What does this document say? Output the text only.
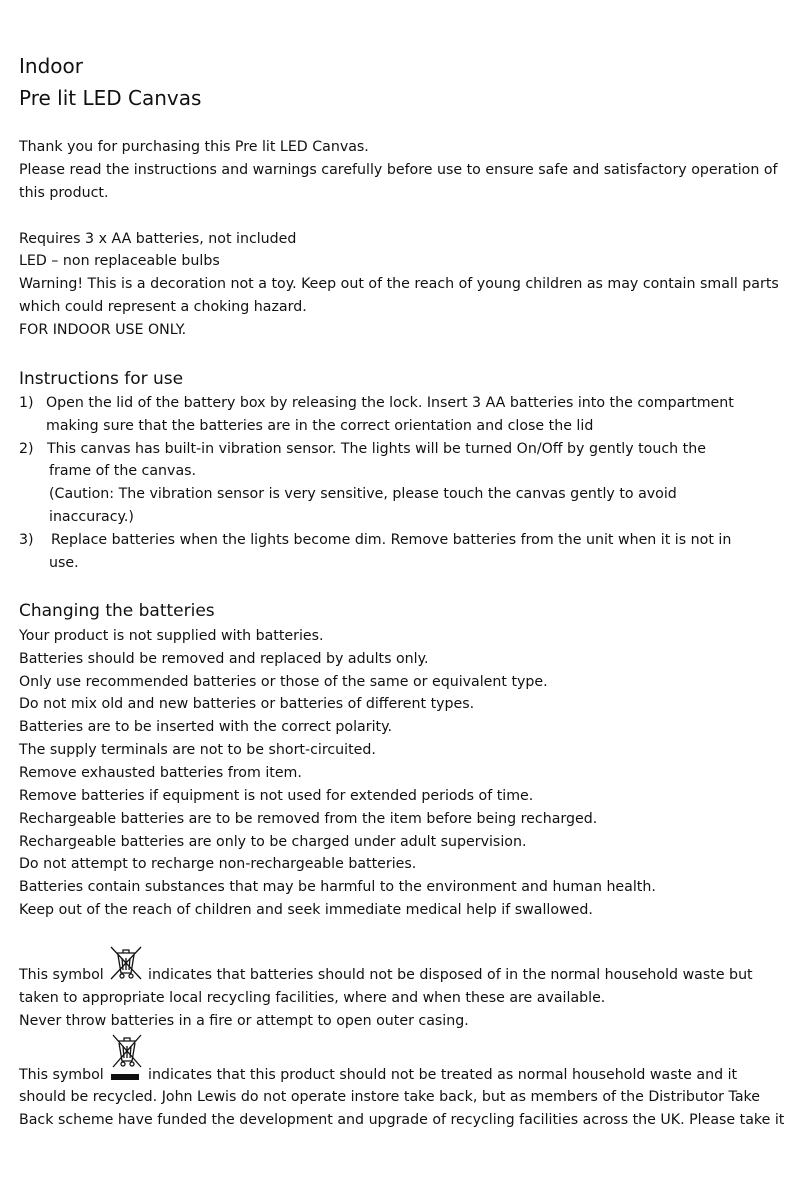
Indoor
Pre lit LED Canvas
Thank you for purchasing this Pre lit LED Canvas.
Please read the instructions and warnings carefully before use to ensure safe and satisfactory operation of
this product.
Requires 3 x AA batteries, not included
LED – non replaceable bulbs
Warning! This is a decoration not a toy. Keep out of the reach of young children as may contain small parts
which could represent a choking hazard.
FOR INDOOR USE ONLY.
Instructions for use
1) Open the lid of the battery box by releasing the lock. Insert 3 AA batteries into the compartment
making sure that the batteries are in the correct orientation and close the lid
2) This canvas has built-in vibration sensor. The lights will be turned On/Off by gently touch the
frame of the canvas.
(Caution: The vibration sensor is very sensitive, please touch the canvas gently to avoid
inaccuracy.)
3) Replace batteries when the lights become dim. Remove batteries from the unit when it is not in
use.
Changing the batteries
Your product is not supplied with batteries.
Batteries should be removed and replaced by adults only.
Only use recommended batteries or those of the same or equivalent type.
Do not mix old and new batteries or batteries of different types.
Batteries are to be inserted with the correct polarity.
The supply terminals are not to be short-circuited.
Remove exhausted batteries from item.
Remove batteries if equipment is not used for extended periods of time.
Rechargeable batteries are to be removed from the item before being recharged.
Rechargeable batteries are only to be charged under adult supervision.
Do not attempt to recharge non-rechargeable batteries.
Batteries contain substances that may be harmful to the environment and human health.
Keep out of the reach of children and seek immediate medical help if swallowed.
This symbol	indicates that batteries should not be disposed of in the normal household waste but
taken to appropriate local recycling facilities, where and when these are available.
Never throw batteries in a fire or attempt to open outer casing.
This symbol	indicates that this product should not be treated as normal household waste and it
should be recycled. John Lewis do not operate instore take back, but as members of the Distributor Take
Back scheme have funded the development and upgrade of recycling facilities across the UK. Please take it
